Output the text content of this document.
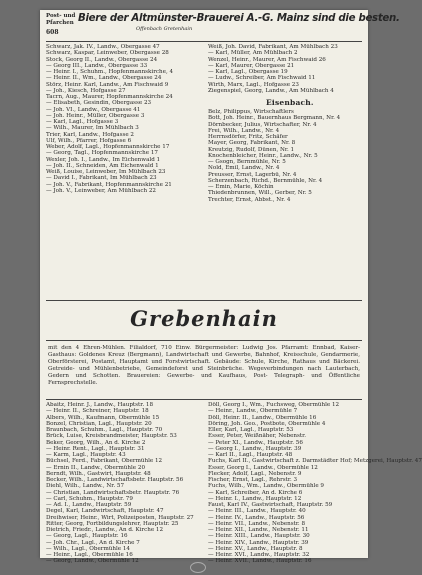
Post- und Pfarchen Biere der Altmünster-Brauerei A.-G. Mainz sind die besten.
Offenbach Gretenhain
608
Schwarz, Jak. IV., Landw., Obergasse 47
Schwarz, Kaspar, Leinweber, Obergasse 28
Stock, Georg II., Landw., Obergasse 24
— Georg III., Landw., Obergasse 33
— Heinr. I., Schuhm., Hopfenmannskirche, 4
— Heinr. II., Wm., Landw., Obergasse 24
Störz, Heinr. Karl, Landw., Am Fischwaid 9
— Joh., Kiesch, Hofgasse 27
Tacrn, Aug., Maurer, Hopfenmannskirche 24
— Elisabeth, Gesindin, Obergasse 23
— Joh. VI., Landw., Obergasse 41
— Joh. Heinr., Müller, Obergasse 3
— Karl, Lagl., Hofgasse 3
— Wilh., Maurer, Im Mühlbach 3
Trier, Karl, Landw., Hofgasse 2
Ulf, Wilh., Pfarrer, Hofgasse 6
Weber, Adolf, Lagl., Hopfenmannskirche 17
— Georg, Tagl., Hopfenmannskirche 17
Wexler, Joh. I., Landw., Im Eichenwald 1
— Joh. II., Schneiden, Am Eichenwald 1
Weiß, Louise, Leinweber, Im Mühlbach 23
— David I., Fabrikant, Im Mühlbach 23
— Joh. V., Fabrikant, Hopfenmannskirche 21
— Joh. V., Leinweber, Am Mühlbach 22
Weiß, Joh. David, Fabrikant, Am Mühlbach 23
— Karl, Müller, Am Mühlbach 2
Wenzel, Heinr., Maurer, Am Fischwaid 26
— Karl, Maurer, Obergasse 21
— Karl, Lagl., Obergasse 19
— Ludw., Schreiber, Am Fischwaid 11
Wirth, Marx, Lagl., Hofgasse 23
Ziegenspiel, Georg, Landw., Am Mühlbach 4
Eisenbach.
Belz, Philippus, Wirtschaftlers
Bott, Joh. Heinr., Bauernhaus Bergmann, Nr. 4
Dörnbecker, Julius, Wirtschafter, Nr. 4
Frei, Wilh., Landw., Nr. 4
Herrnsdörfer, Fritz, Schäfer
Mayer, Georg, Fabrikant, Nr. 8
Kreutzig, Rudolf, Dünen, Nr. 1
Knochenbleicher, Heinr., Landw., Nr. 5
— Gsogn, Bernmühle, Nr. 5
Nold, Emil, Landw., Nr. 4
Preusser, Ernst, Lagerbü, Nr. 4
Scherzenbach, Richd., Bernmühle, Nr. 4
— Emin, Marie, Köchin
Thiedenbrunnen, Will., Gerber, Nr. 5
Trechter, Ernst, Abbst., Nr. 4
Grebenhain
mit den 4 Ehren-Mühlen. Filialdorf, 710 Einw. Bürgermeister: Ludwig Jos. Pfarramt: Ennbad, Kaiser-Gasthaus: Goldenes Kreuz (Bergmann), Landwirtschaft und Gewerbe, Bahnhof, Kreisschule, Gendarmerie, Oberförsterei, Postamt, Hauptamt und Forstwirtschaft. Gebäude: Schule, Kirche, Rathaus und Bäckerei. Getreide- und Mühlenbetriebe, Gemeindeforst und Steinbrüche. Wegeverbindungen nach Lauterbach, Gedern und Schotten. Brauereien: Gewerbe- und Kaufhaus, Post- Telegraph- und Öffentliche Fernsprechstelle.
Abaitz, Heinr. J., Landw., Hauptstr. 18
— Heinr. II., Schreiner, Hauptstr. 18
Albers, Wilh., Kaufmann, Obermühle 15
Bonzel, Christian, Lagl., Hauptstr. 20
Braunbach, Schuhm., Lagl., Hauptstr. 70
Brück, Luise, Kreisbrandmeister, Hauptstr. 53
Beker, Georg, Wilh., An d. Kirche 2
— Heinr. Rent., Lagl., Hauptstr. 31
— Karm, Lagl., Hauptstr. 43
Büchsel, Ferd., Fabrikant, Obermühle 12
— Ernin II., Landw., Obermühle 20
Berndt, Wilh., Gastwirt, Hauptstr. 48
Becker, Wilh., Landwirtschaftsbetr. Hauptstr. 56
Diehl, Wilh., Landw., Nr. 57
— Christian, Landwirtschaftsbetr. Hauptstr. 76
— Carl, Schuhm., Hauptstr. 79
— Ad. I., Landw., Hauptstr. 59
Degel, Karl, Landwirtschaft, Hauptstr. 47
Dreihwiser, Heinr., Wirt, Polizeiposten, Hauptstr. 27
Ritter, Georg, Fortbildungslehrer, Hauptstr. 25
Dietrich, Friedr., Landw., An d. Kirche 12
— Georg, Lagl., Hauptstr. 16
— Joh. Chr., Lagl., An d. Kirche 7
— Wilh., Lagl., Obermühle 14
— Heinr., Lagl., Obermühle 16
— Georg, Landw., Obermühle 12
Döll, Georg I., Wm., Fuchsweg, Obermühle 12
— Heinr., Landw., Obermühle 7
Döll, Heinr. II., Landw., Obermühle 16
Döring, Joh. Geo., Postbote, Obermühle 4
Eller, Karl, Lagl., Hauptstr. 53
Esser, Peter, Weißnäher, Nebenstr.
— Peter XI., Landw., Hauptstr. 56
— Georg I., Landw., Hauptstr. 39
— Karl II., Lagl., Hauptstr. 48
Fuchs, Karl II., Gastwirtschaft z. Darmstädter Hof; Metzgerei, Hauptstr. 47
Esser, Georg I., Landw., Obermühle 12
Flecker, Adolf, Lagl., Nebenstr. 9
Fischer, Ernst, Lagl., Rehrstr. 3
Fuchs, Wilh., Wm., Landw., Obermühle 9
— Karl, Schreiber, An d. Kirche 6
— Heinr. I., Landw., Hauptstr. 12
Faust, Karl IV., Gastwirtschaft, Hauptstr. 59
— Heinr. III., Landw., Hauptstr. 40
— Heinr. IV., Landw., Hauptstr. 56
— Heinr. VII., Landw., Nebenstr. 8
— Heinr. XII., Landw., Nebenstr. 11
— Heinr. XIII., Landw., Hauptstr. 30
— Heinr. XIV., Landw., Hauptstr. 39
— Heinr. XV., Landw., Hauptstr. 8
— Heinr. XVI., Landw., Hauptstr. 32
— Heinr. XVII., Landw., Hauptstr. 16
